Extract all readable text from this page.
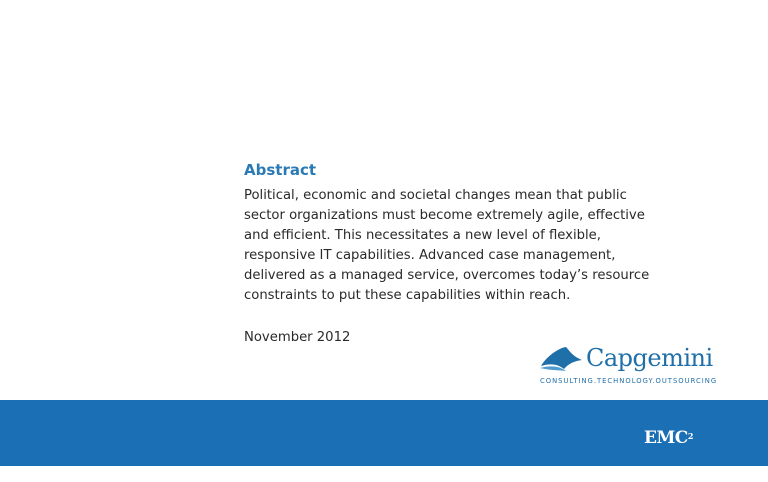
Abstract
Political, economic and societal changes mean that public
sector organizations must become extremely agile, effective
and efficient. This necessitates a new level of flexible,
responsive IT capabilities. Advanced case management,
delivered as a managed service, overcomes today’s resource
constraints to put these capabilities within reach.
November 2012
Capgemini
CONSULTING.TECHNOLOGY.OUTSOURCING
EMC$^2$
